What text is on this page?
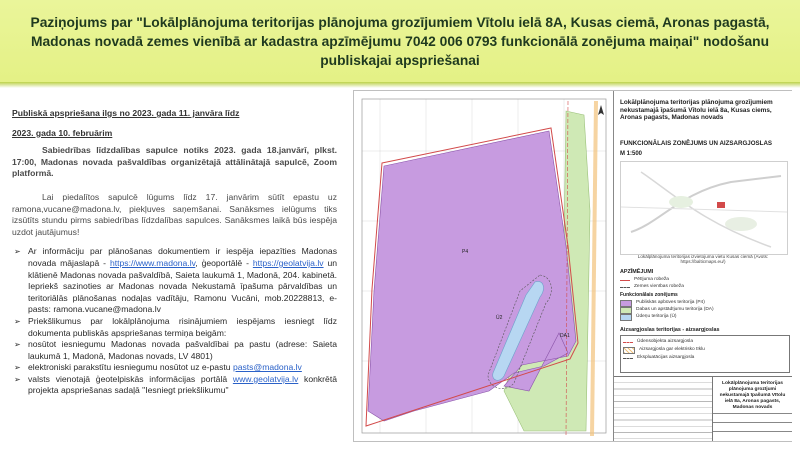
Paziņojums par "Lokālplānojuma teritorijas plānojuma grozījumiem Vītolu ielā 8A, Kusas ciemā, Aronas pagastā, Madonas novadā zemes vienībā ar kadastra apzīmējumu 7042 006 0793 funkcionālā zonējuma maiņai" nodošanu publiskajai apspriešanai

Publiskā apspriešana ilgs no 2023. gada 11. janvāra līdz

2023. gada 10. februārim

Sabiedrības līdzdalības sapulce notiks 2023. gada 18.janvārī, plkst. 17:00, Madonas novada pašvaldības organizētajā attālinātajā sapulcē, Zoom platformā.

Lai piedalītos sapulcē lūgums līdz 17. janvārim sūtīt epastu uz ramona,vucane@madona.lv, piekļuves saņemšanai. Sanāksmes ielūgums tiks izsūtīts stundu pirms sabiedrības līdzdalības sapulces. Sanāksmes laikā būs iespēja uzdot jautājumus!

➢ Ar informāciju par plānošanas dokumentiem ir iespēja iepazīties Madonas novada mājaslapā - https://www.madona.lv, ģeoportālē - https://geolatvija.lv un klātienē Madonas novada pašvaldībā, Saieta laukumā 1, Madonā, 204. kabinetā. Iepriekš sazinoties ar Madonas novada Nekustamā īpašuma pārvaldības un teritoriālās plānošanas nodaļas vadītāju, Ramonu Vucāni, mob.20228813, e-pasts: ramona.vucane@madona.lv
➢ Priekšlikumus par lokālplānojuma risinājumiem iespējams iesniegt līdz dokumenta publiskās apspriešanas termiņa beigām:
➢ nosūtot iesniegumu Madonas novada pašvaldībai pa pastu (adrese: Saieta laukumā 1, Madonā, Madonas novads, LV 4801)
➢ elektroniski parakstītu iesniegumu nosūtot uz e-pastu pasts@madona.lv
➢ valsts vienotajā ģeotelpiskās informācijas portālā www.geolatvija.lv konkrētā projekta apspriešanas sadaļā "Iesniegt priekšlikumu"
P4
Ū2
DA1
Lokālplānojuma teritorijas plānojuma grozījumiem nekustamajā īpašumā Vītolu ielā 8a, Kusas ciems, Aronas pagasts, Madonas novads
FUNKCIONĀLAIS ZONĒJUMS UN AIZSARGJOSLAS
M 1:500
Lokālplānojuma teritorijas izvietojuma vietu Kusas ciemā (Avots: https://balticmaps.eu/)
APZĪMĒJUMI
Pētījuma robeža
Zemes vienības robeža
Funkcionālais zonējums
Publiskās apbūves teritorija (P4)
Dabas un apstādījumu teritorija (DA)
Ūdeņu teritorija (Ū)
Aizsargjoslas teritorijas - aizsargjoslas
Ūdensobjekta aizsargjosla
Aizsargjosla gar elektrisko tīklu
Ekspluatācijas aizsargjosla
Lokālplānojuma teritorijas plānojuma grozījumi nekustamajā īpašumā Vītolu ielā 8a, Aronas pagasts, Madonas novads
